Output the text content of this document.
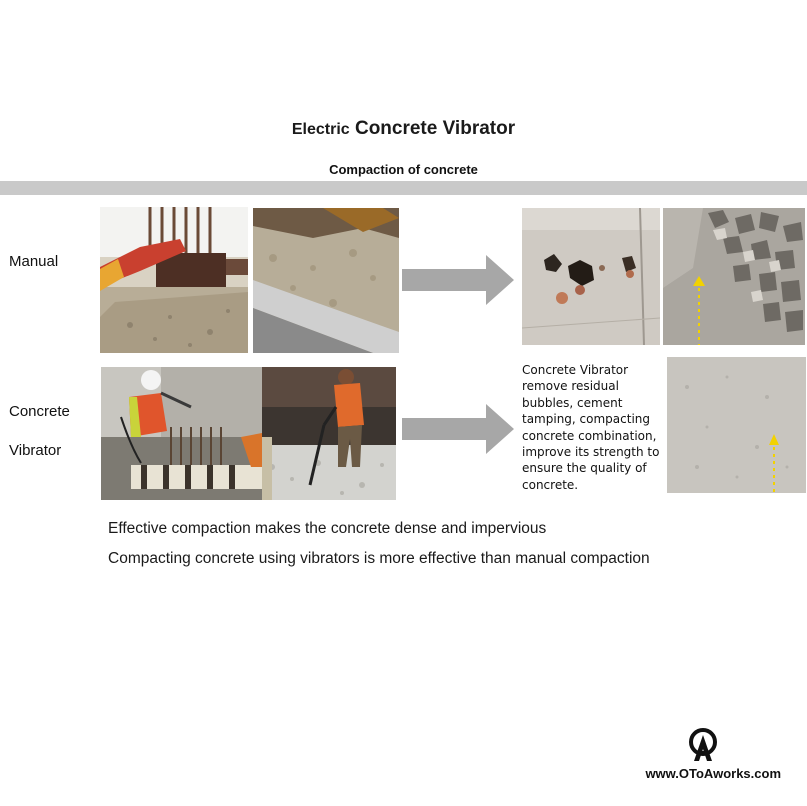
Electric Concrete Vibrator
Compaction of concrete
Manual
Concrete
Vibrator
Concrete Vibrator remove residual bubbles, cement tamping, compacting concrete combination, improve its strength to ensure the quality of concrete.
Effective compaction makes the concrete dense and impervious
Compacting concrete using vibrators is more effective than manual compaction
www.OToAworks.com
